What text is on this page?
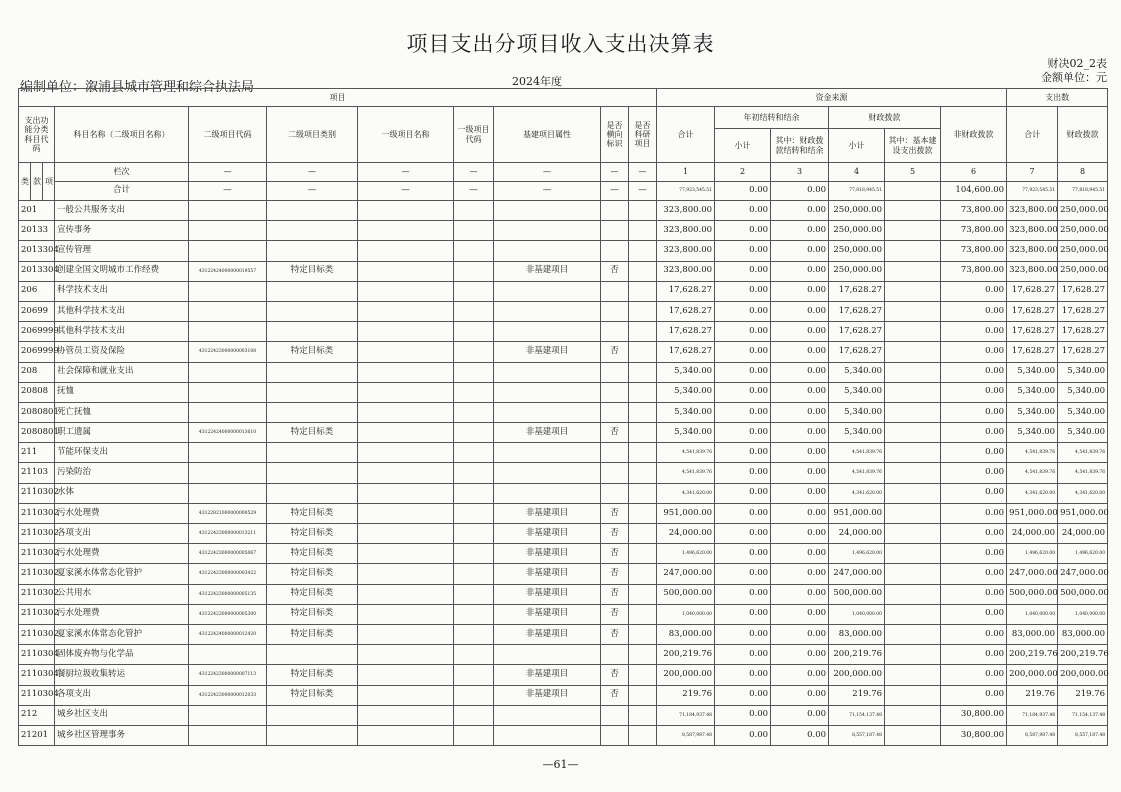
项目支出分项目收入支出决算表
财决02_2表
金额单位：元
编制单位：溆浦县城市管理和综合执法局	2024年度
项目											资金来源						支出数	
支出功能分类科目代码			科目名称（二级项目名称）	二级项目代码	二级项目类别	一级项目名称	一级项目代码	基建项目属性	是否横向标识	是否科研项目	合计	年初结转和结余		财政拨款		非财政拨款	合计	财政拨款
												小计	其中：财政拨款结转和结余	小计	其中：基本建设支出拨款			
类	款	项	栏次	—	—	—	—	—	—	—	1	2	3	4	5	6	7	8
			合计	—	—	—	—	—	—	—	77,923,545.51	0.00	0.00	77,818,945.51		104,600.00	77,923,545.51	77,818,945.51
201			一般公共服务支出								323,800.00	0.00	0.00	250,000.00		73,800.00	323,800.00	250,000.00
20133			宣传事务								323,800.00	0.00	0.00	250,000.00		73,800.00	323,800.00	250,000.00
2013304			宣传管理								323,800.00	0.00	0.00	250,000.00		73,800.00	323,800.00	250,000.00
2013304			创建全国文明城市工作经费	43122424000000019557	特定目标类			非基建项目	否		323,800.00	0.00	0.00	250,000.00		73,800.00	323,800.00	250,000.00
206			科学技术支出								17,628.27	0.00	0.00	17,628.27		0.00	17,628.27	17,628.27
20699			其他科学技术支出								17,628.27	0.00	0.00	17,628.27		0.00	17,628.27	17,628.27
2069999			其他科学技术支出								17,628.27	0.00	0.00	17,628.27		0.00	17,628.27	17,628.27
2069999			协管员工资及保险	43122423000000003108	特定目标类			非基建项目	否		17,628.27	0.00	0.00	17,628.27		0.00	17,628.27	17,628.27
208			社会保障和就业支出								5,340.00	0.00	0.00	5,340.00		0.00	5,340.00	5,340.00
20808			抚恤								5,340.00	0.00	0.00	5,340.00		0.00	5,340.00	5,340.00
2080801			死亡抚恤								5,340.00	0.00	0.00	5,340.00		0.00	5,340.00	5,340.00
2080801			职工遗属	43122424000000013610	特定目标类			非基建项目	否		5,340.00	0.00	0.00	5,340.00		0.00	5,340.00	5,340.00
211			节能环保支出								4,541,839.76	0.00	0.00	4,541,839.76		0.00	4,541,839.76	4,541,839.76
21103			污染防治								4,541,839.76	0.00	0.00	4,541,839.76		0.00	4,541,839.76	4,541,839.76
2110302			水体								4,341,620.00	0.00	0.00	4,341,620.00		0.00	4,341,620.00	4,341,620.00
2110302			污水处理费	43122821000000000529	特定目标类			非基建项目	否		951,000.00	0.00	0.00	951,000.00		0.00	951,000.00	951,000.00
2110302			各项支出	43122423000000013211	特定目标类			非基建项目	否		24,000.00	0.00	0.00	24,000.00		0.00	24,000.00	24,000.00
2110302			污水处理费	43122423000000005067	特定目标类			非基建项目	否		1,496,620.00	0.00	0.00	1,496,620.00		0.00	1,496,620.00	1,496,620.00
2110302			夏家溪水体常态化管护	43122423000000003422	特定目标类			非基建项目	否		247,000.00	0.00	0.00	247,000.00		0.00	247,000.00	247,000.00
2110302			公共用水	43122423000000005135	特定目标类			非基建项目	否		500,000.00	0.00	0.00	500,000.00		0.00	500,000.00	500,000.00
2110302			污水处理费	43122423000000005300	特定目标类			非基建项目	否		1,040,000.00	0.00	0.00	1,040,000.00		0.00	1,040,000.00	1,040,000.00
2110302			夏家溪水体常态化管护	43122424000000012420	特定目标类			非基建项目	否		83,000.00	0.00	0.00	83,000.00		0.00	83,000.00	83,000.00
2110304			固体废弃物与化学品								200,219.76	0.00	0.00	200,219.76		0.00	200,219.76	200,219.76
2110304			餐厨垃圾收集转运	43122423000000007113	特定目标类			非基建项目	否		200,000.00	0.00	0.00	200,000.00		0.00	200,000.00	200,000.00
2110304			各项支出	43122423000000012033	特定目标类			非基建项目	否		219.76	0.00	0.00	219.76		0.00	219.76	219.76
212			城乡社区支出								71,184,937.48	0.00	0.00	71,154,137.48		30,800.00	71,184,937.48	71,154,137.48
21201			城乡社区管理事务								8,587,987.48	0.00	0.00	8,557,187.48		30,800.00	8,587,987.48	8,557,187.48
—61—
